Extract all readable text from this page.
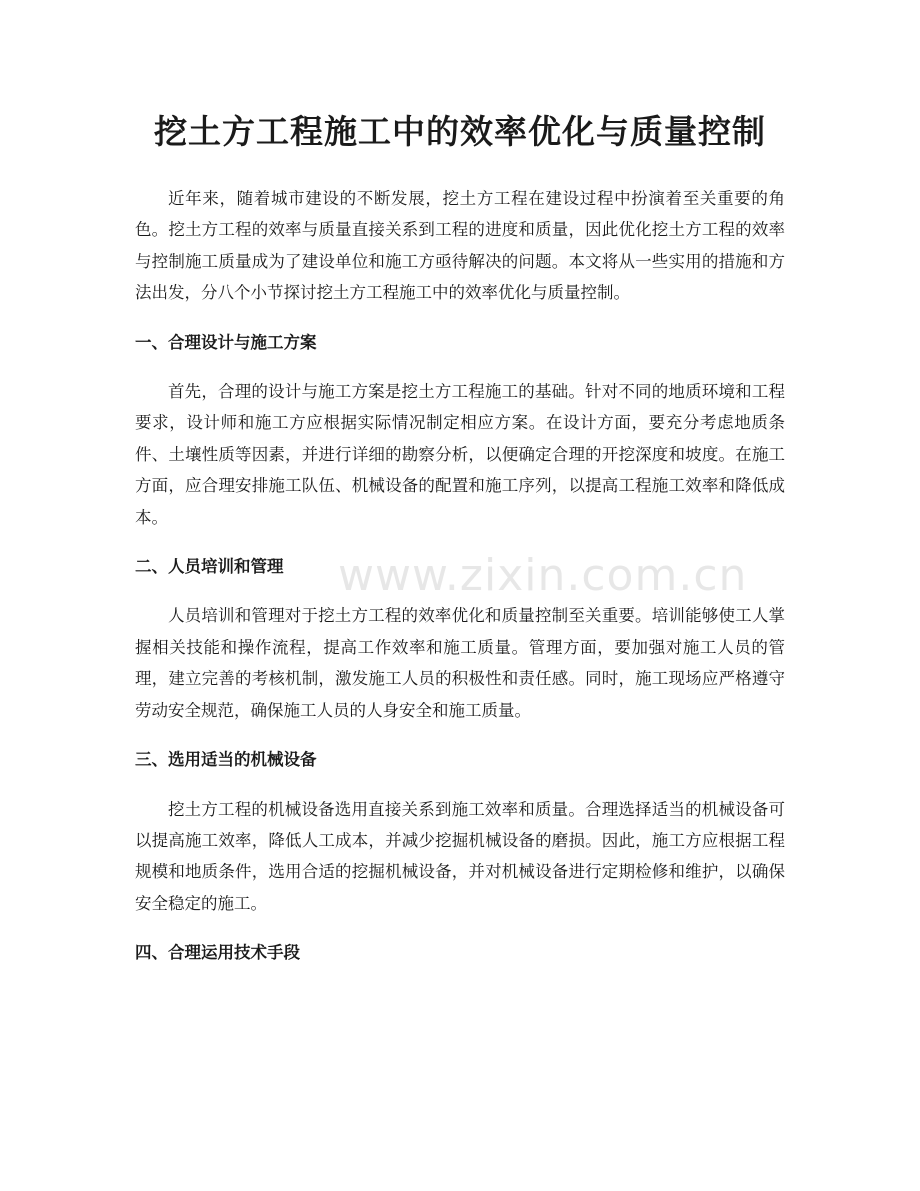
挖土方工程施工中的效率优化与质量控制

近年来，随着城市建设的不断发展，挖土方工程在建设过程中扮演着至关重要的角色。挖土方工程的效率与质量直接关系到工程的进度和质量，因此优化挖土方工程的效率与控制施工质量成为了建设单位和施工方亟待解决的问题。本文将从一些实用的措施和方法出发，分八个小节探讨挖土方工程施工中的效率优化与质量控制。

一、合理设计与施工方案

首先，合理的设计与施工方案是挖土方工程施工的基础。针对不同的地质环境和工程要求，设计师和施工方应根据实际情况制定相应方案。在设计方面，要充分考虑地质条件、土壤性质等因素，并进行详细的勘察分析，以便确定合理的开挖深度和坡度。在施工方面，应合理安排施工队伍、机械设备的配置和施工序列，以提高工程施工效率和降低成本。

二、人员培训和管理

人员培训和管理对于挖土方工程的效率优化和质量控制至关重要。培训能够使工人掌握相关技能和操作流程，提高工作效率和施工质量。管理方面，要加强对施工人员的管理，建立完善的考核机制，激发施工人员的积极性和责任感。同时，施工现场应严格遵守劳动安全规范，确保施工人员的人身安全和施工质量。

三、选用适当的机械设备

挖土方工程的机械设备选用直接关系到施工效率和质量。合理选择适当的机械设备可以提高施工效率，降低人工成本，并减少挖掘机械设备的磨损。因此，施工方应根据工程规模和地质条件，选用合适的挖掘机械设备，并对机械设备进行定期检修和维护，以确保安全稳定的施工。

四、合理运用技术手段
www.zixin.com.cn
